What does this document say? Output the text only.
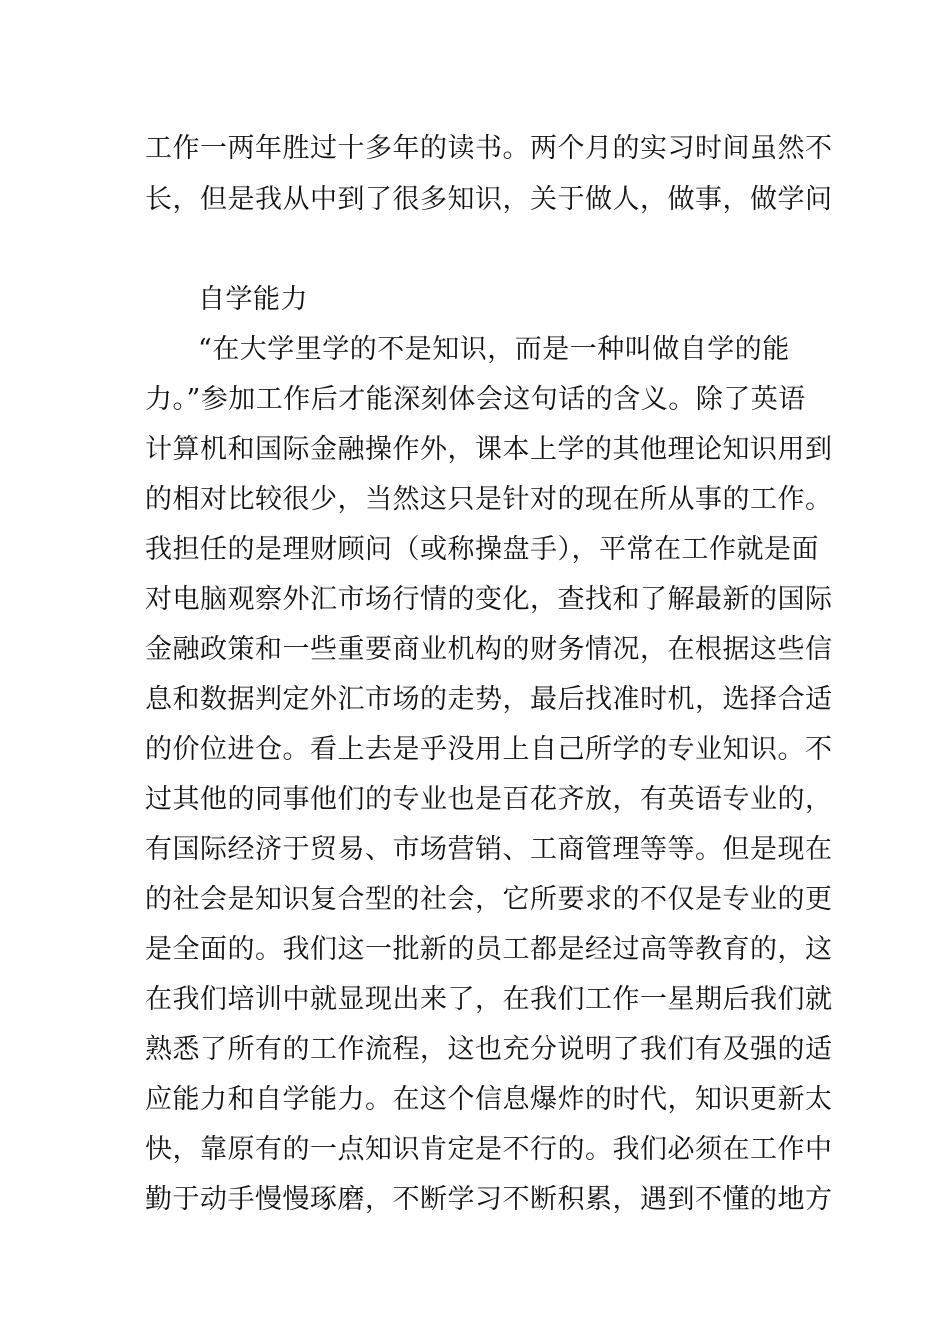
工作一两年胜过十多年的读书。两个月的实习时间虽然不
长，但是我从中到了很多知识，关于做人，做事，做学问
自学能力
“在大学里学的不是知识，而是一种叫做自学的能
力。”参加工作后才能深刻体会这句话的含义。除了英语
计算机和国际金融操作外，课本上学的其他理论知识用到
的相对比较很少，当然这只是针对的现在所从事的工作。
我担任的是理财顾问（或称操盘手），平常在工作就是面
对电脑观察外汇市场行情的变化，查找和了解最新的国际
金融政策和一些重要商业机构的财务情况，在根据这些信
息和数据判定外汇市场的走势，最后找准时机，选择合适
的价位进仓。看上去是乎没用上自己所学的专业知识。不
过其他的同事他们的专业也是百花齐放，有英语专业的，
有国际经济于贸易、市场营销、工商管理等等。但是现在
的社会是知识复合型的社会，它所要求的不仅是专业的更
是全面的。我们这一批新的员工都是经过高等教育的，这
在我们培训中就显现出来了，在我们工作一星期后我们就
熟悉了所有的工作流程，这也充分说明了我们有及强的适
应能力和自学能力。在这个信息爆炸的时代，知识更新太
快，靠原有的一点知识肯定是不行的。我们必须在工作中
勤于动手慢慢琢磨，不断学习不断积累，遇到不懂的地方
